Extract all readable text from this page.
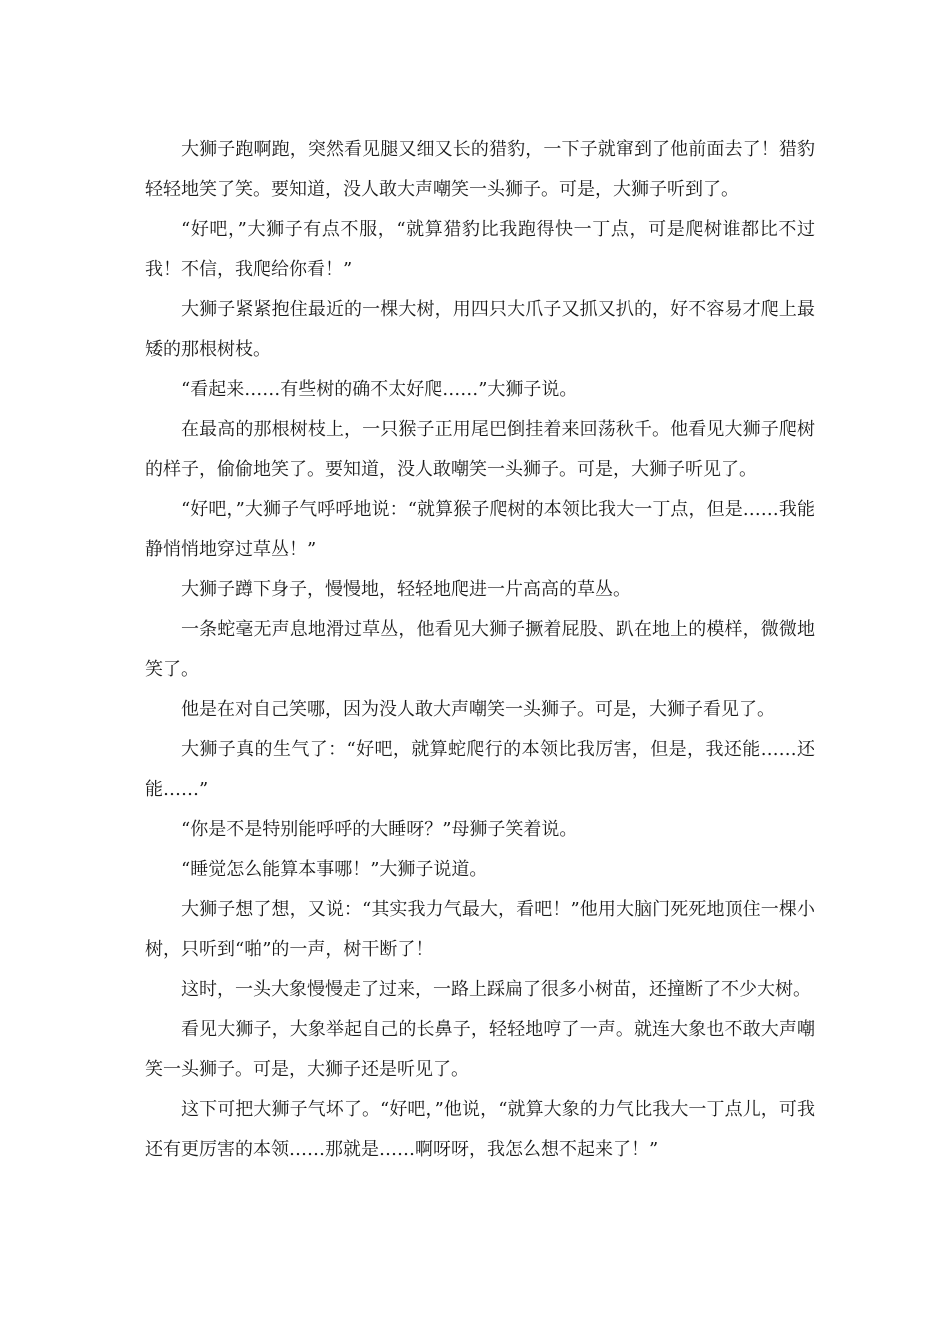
大狮子跑啊跑，突然看见腿又细又长的猎豹，一下子就窜到了他前面去了！猎豹轻轻地笑了笑。要知道，没人敢大声嘲笑一头狮子。可是，大狮子听到了。

“好吧，”大狮子有点不服，“就算猎豹比我跑得快一丁点，可是爬树谁都比不过我！不信，我爬给你看！”

大狮子紧紧抱住最近的一棵大树，用四只大爪子又抓又扒的，好不容易才爬上最矮的那根树枝。

“看起来……有些树的确不太好爬……”大狮子说。

在最高的那根树枝上，一只猴子正用尾巴倒挂着来回荡秋千。他看见大狮子爬树的样子，偷偷地笑了。要知道，没人敢嘲笑一头狮子。可是，大狮子听见了。

“好吧，”大狮子气呼呼地说：“就算猴子爬树的本领比我大一丁点，但是……我能静悄悄地穿过草丛！”

大狮子蹲下身子，慢慢地，轻轻地爬进一片高高的草丛。

一条蛇毫无声息地滑过草丛，他看见大狮子撅着屁股、趴在地上的模样，微微地笑了。

他是在对自己笑哪，因为没人敢大声嘲笑一头狮子。可是，大狮子看见了。

大狮子真的生气了：“好吧，就算蛇爬行的本领比我厉害，但是，我还能……还能……”

“你是不是特别能呼呼的大睡呀？”母狮子笑着说。

“睡觉怎么能算本事哪！”大狮子说道。

大狮子想了想，又说：“其实我力气最大，看吧！”他用大脑门死死地顶住一棵小树，只听到“啪”的一声，树干断了！

这时，一头大象慢慢走了过来，一路上踩扁了很多小树苗，还撞断了不少大树。

看见大狮子，大象举起自己的长鼻子，轻轻地哼了一声。就连大象也不敢大声嘲笑一头狮子。可是，大狮子还是听见了。

这下可把大狮子气坏了。“好吧，”他说，“就算大象的力气比我大一丁点儿，可我还有更厉害的本领……那就是……啊呀呀，我怎么想不起来了！”
